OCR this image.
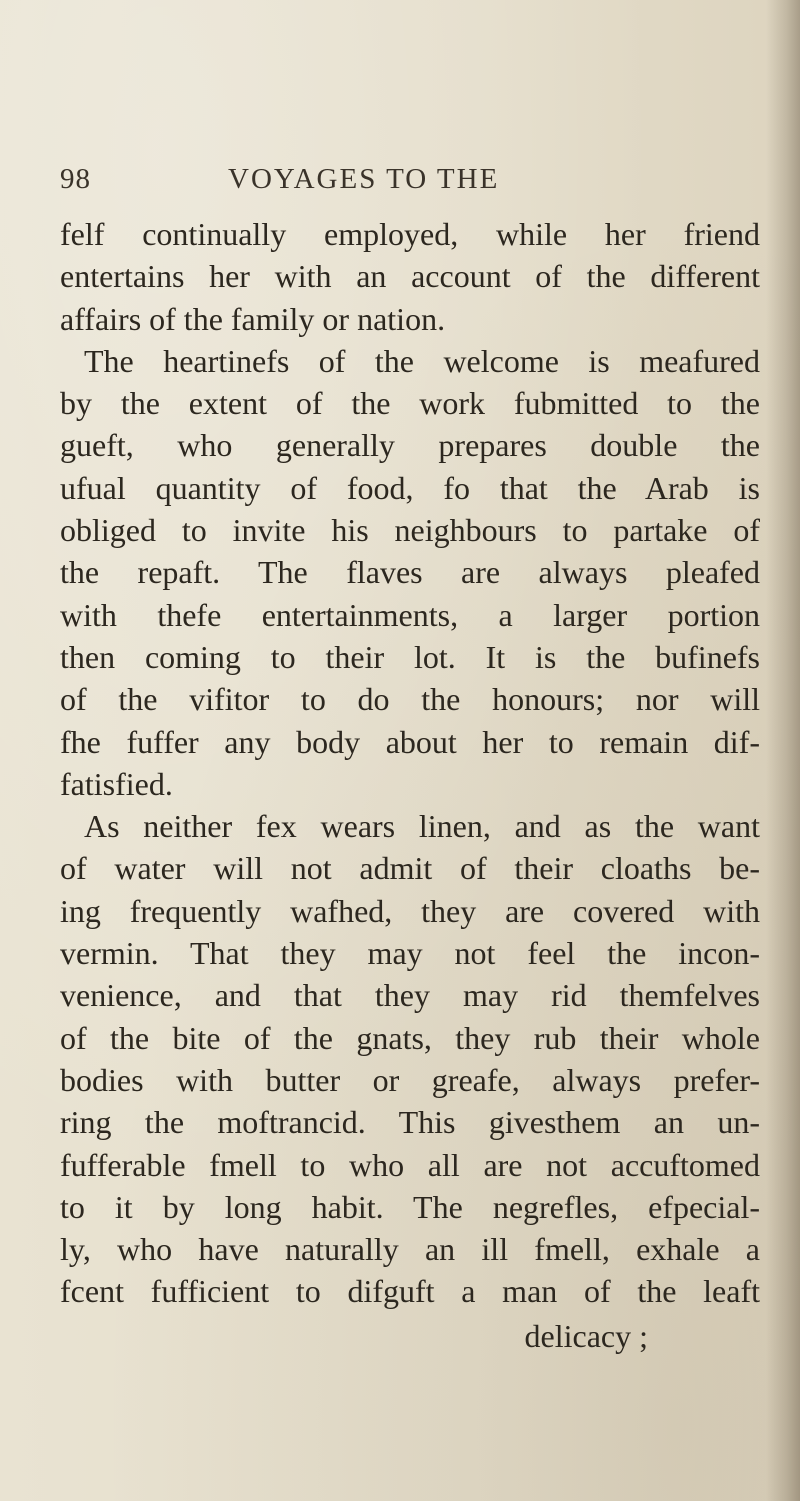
98	VOYAGES TO THE
felf continually employed, while her friend
entertains her with an account of the different
affairs of the family or nation.
The heartinefs of the welcome is meafured
by the extent of the work fubmitted to the
gueft, who generally prepares double the
ufual quantity of food, fo that the Arab is
obliged to invite his neighbours to partake of
the repaft. The flaves are always pleafed
with thefe entertainments, a larger portion
then coming to their lot. It is the bufinefs
of the vifitor to do the honours; nor will
fhe fuffer any body about her to remain dif-
fatisfied.
As neither fex wears linen, and as the want
of water will not admit of their cloaths be-
ing frequently wafhed, they are covered with
vermin. That they may not feel the incon-
venience, and that they may rid themfelves
of the bite of the gnats, they rub their whole
bodies with butter or greafe, always prefer-
ring the moftrancid. This givesthem an un-
fufferable fmell to who all are not accuftomed
to it by long habit. The negrefles, efpecial-
ly, who have naturally an ill fmell, exhale a
fcent fufficient to difguft a man of the leaft
delicacy ;
